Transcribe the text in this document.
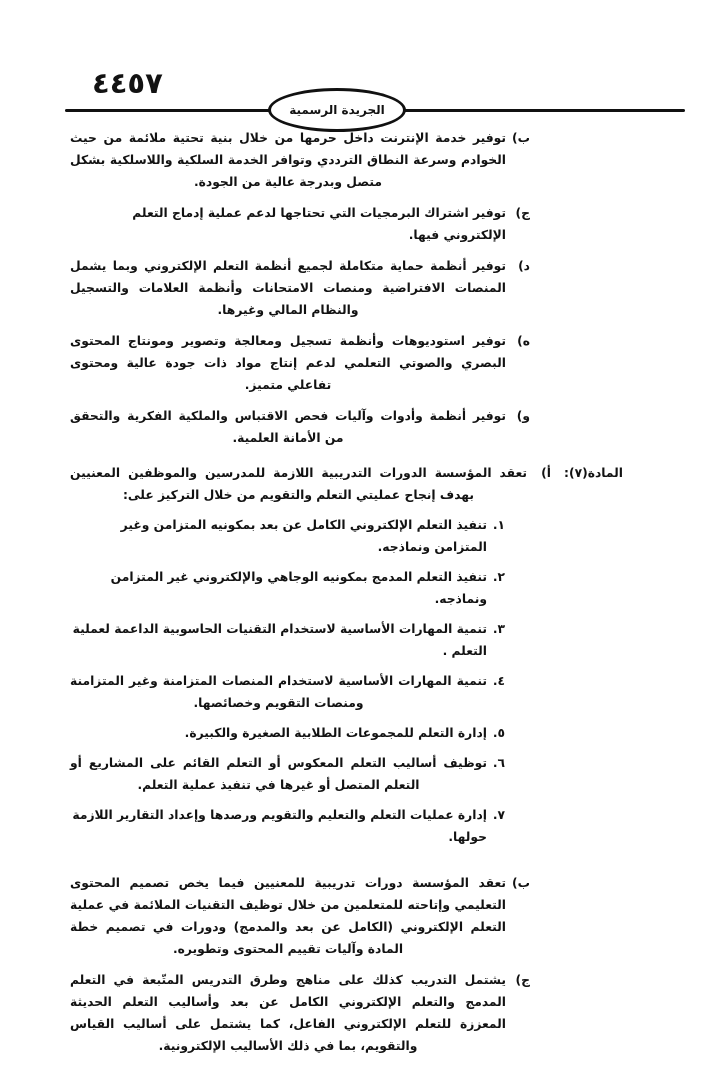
٤٤٥٧
الجريدة الرسمية
ب)
توفير خدمة الإنترنت داخل حرمها من خلال بنية تحتية ملائمة من حيث الخوادم وسرعة النطاق الترددي وتوافر الخدمة السلكية واللاسلكية بشكل متصل وبدرجة عالية من الجودة.
ج)
توفير اشتراك البرمجيات التي تحتاجها لدعم عملية إدماج التعلم الإلكتروني فيها.
د)
توفير أنظمة حماية متكاملة لجميع أنظمة التعلم الإلكتروني وبما يشمل المنصات الافتراضية ومنصات الامتحانات وأنظمة العلامات والتسجيل والنظام المالي وغيرها.
ه)
توفير استوديوهات وأنظمة تسجيل ومعالجة وتصوير ومونتاج المحتوى البصري والصوتي التعلمي لدعم إنتاج مواد ذات جودة عالية ومحتوى تفاعلي متميز.
و)
توفير أنظمة وأدوات وآليات فحص الاقتباس والملكية الفكرية والتحقق من الأمانة العلمية.
المادة(٧):
أ)
تعقد المؤسسة الدورات التدريبية اللازمة للمدرسين والموظفين المعنيين بهدف إنجاح عمليتي التعلم والتقويم من خلال التركيز على:
١.
تنفيذ التعلم الإلكتروني الكامل عن بعد بمكونيه المتزامن وغير المتزامن ونماذجه.
٢.
تنفيذ التعلم المدمج بمكونيه الوجاهي والإلكتروني غير المتزامن ونماذجه.
٣.
تنمية المهارات الأساسية لاستخدام التقنيات الحاسوبية الداعمة لعملية التعلم .
٤.
تنمية المهارات الأساسية لاستخدام المنصات المتزامنة وغير المتزامنة ومنصات التقويم وخصائصها.
٥.
إدارة التعلم للمجموعات الطلابية الصغيرة والكبيرة.
٦.
توظيف أساليب التعلم المعكوس أو التعلم القائم على المشاريع أو التعلم المتصل أو غيرها في تنفيذ عملية التعلم.
٧.
إدارة عمليات التعلم والتعليم والتقويم ورصدها وإعداد التقارير اللازمة حولها.
ب)
تعقد المؤسسة دورات تدريبية للمعنيين فيما يخص تصميم المحتوى التعليمي وإتاحته للمتعلمين من خلال توظيف التقنيات الملائمة في عملية التعلم الإلكتروني (الكامل عن بعد والمدمج) ودورات في تصميم خطة المادة وآليات تقييم المحتوى وتطويره.
ج)
يشتمل التدريب كذلك على مناهج وطرق التدريس المتّبعة في التعلم المدمج والتعلم الإلكتروني الكامل عن بعد وأساليب التعلم الحديثة المعززة للتعلم الإلكتروني الفاعل، كما يشتمل على أساليب القياس والتقويم، بما في ذلك الأساليب الإلكترونية.
